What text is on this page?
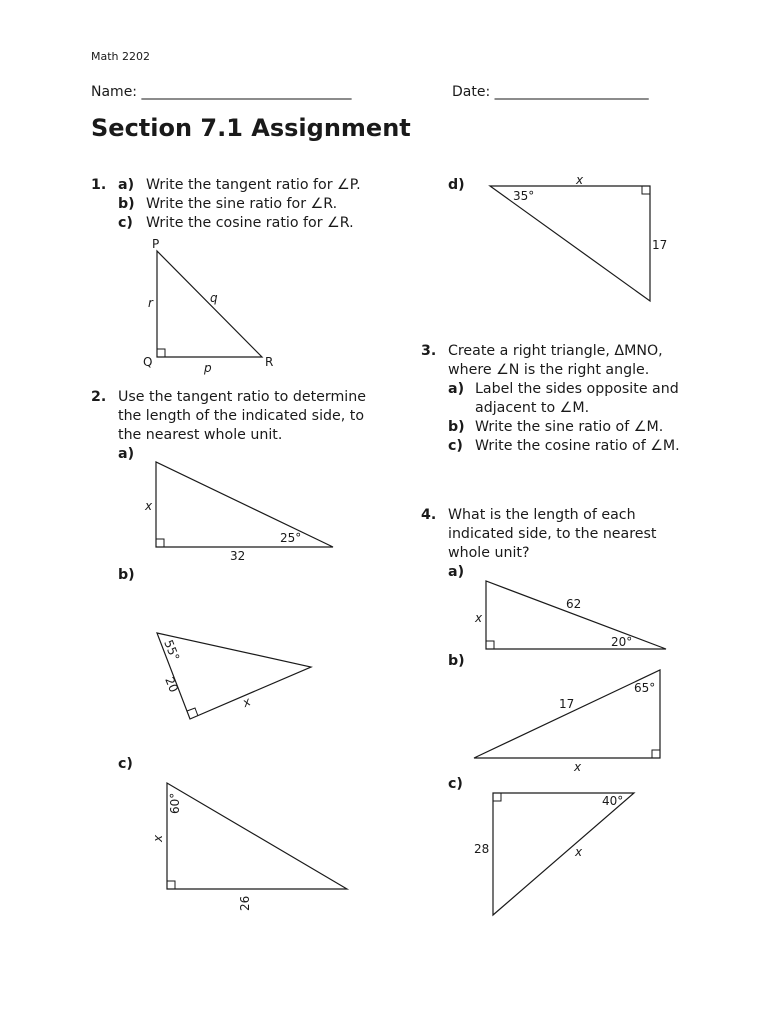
Math 2202
Name: ______________________________	Date: ______________________
Section 7.1 Assignment
1. a) Write the tangent ratio for ∠P.
b) Write the sine ratio for ∠R.
c) Write the cosine ratio for ∠R.
d)
2. Use the tangent ratio to determine
the length of the indicated side, to
the nearest whole unit.
a)
b)
c)
3. Create a right triangle, ΔMNO,
where ∠N is the right angle.
a) Label the sides opposite and
adjacent to ∠M.
b) Write the sine ratio of ∠M.
c) Write the cosine ratio of ∠M.
4. What is the length of each
indicated side, to the nearest
whole unit?
a)
b)
c)
P
Q	R
q
r
p
35°
x
17
x
32
25°
55°
20
x
60°
x
26
62
20°
x
17
65°
x
40°
28	x
